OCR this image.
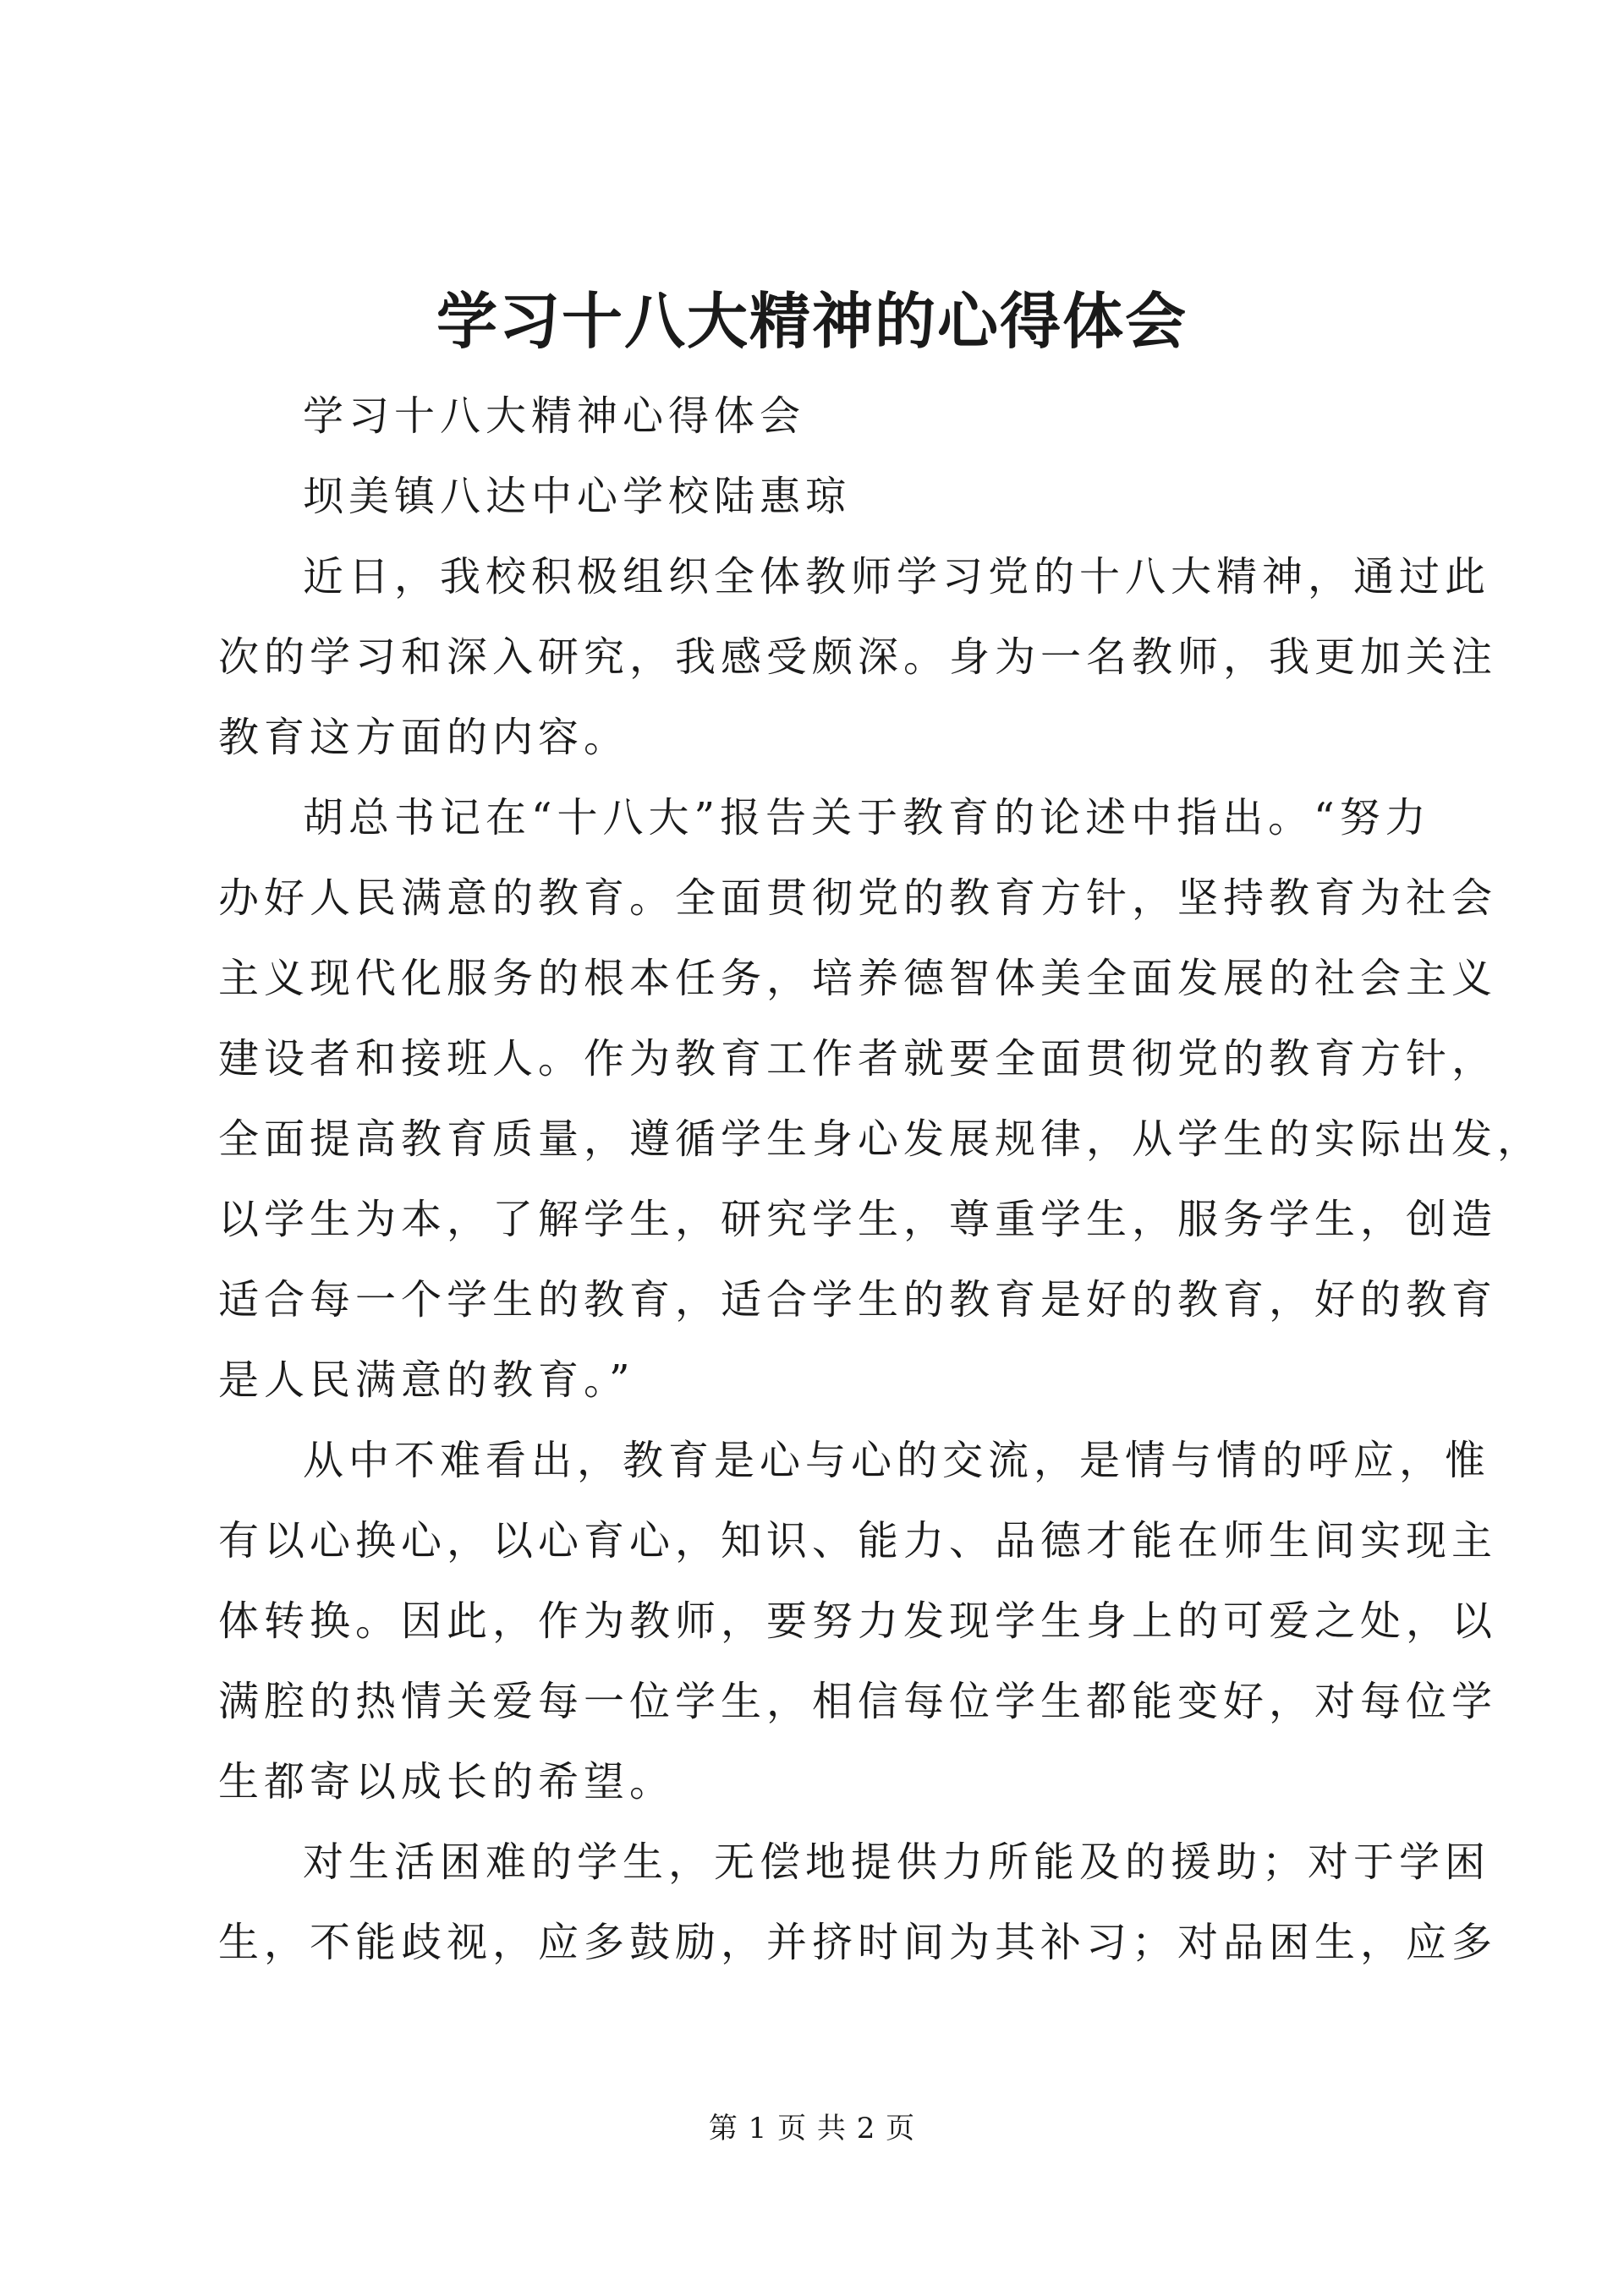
学习十八大精神的心得体会
学习十八大精神心得体会
坝美镇八达中心学校陆惠琼
近日，我校积极组织全体教师学习党的十八大精神，通过此
次的学习和深入研究，我感受颇深。身为一名教师，我更加关注
教育这方面的内容。
胡总书记在“十八大”报告关于教育的论述中指出。“努力
办好人民满意的教育。全面贯彻党的教育方针，坚持教育为社会
主义现代化服务的根本任务，培养德智体美全面发展的社会主义
建设者和接班人。作为教育工作者就要全面贯彻党的教育方针，
全面提高教育质量，遵循学生身心发展规律，从学生的实际出发，
以学生为本，了解学生，研究学生，尊重学生，服务学生，创造
适合每一个学生的教育，适合学生的教育是好的教育，好的教育
是人民满意的教育。”
从中不难看出，教育是心与心的交流，是情与情的呼应，惟
有以心换心，以心育心，知识、能力、品德才能在师生间实现主
体转换。因此，作为教师，要努力发现学生身上的可爱之处，以
满腔的热情关爱每一位学生，相信每位学生都能变好，对每位学
生都寄以成长的希望。
对生活困难的学生，无偿地提供力所能及的援助；对于学困
生，不能歧视，应多鼓励，并挤时间为其补习；对品困生，应多
第 1 页 共 2 页
